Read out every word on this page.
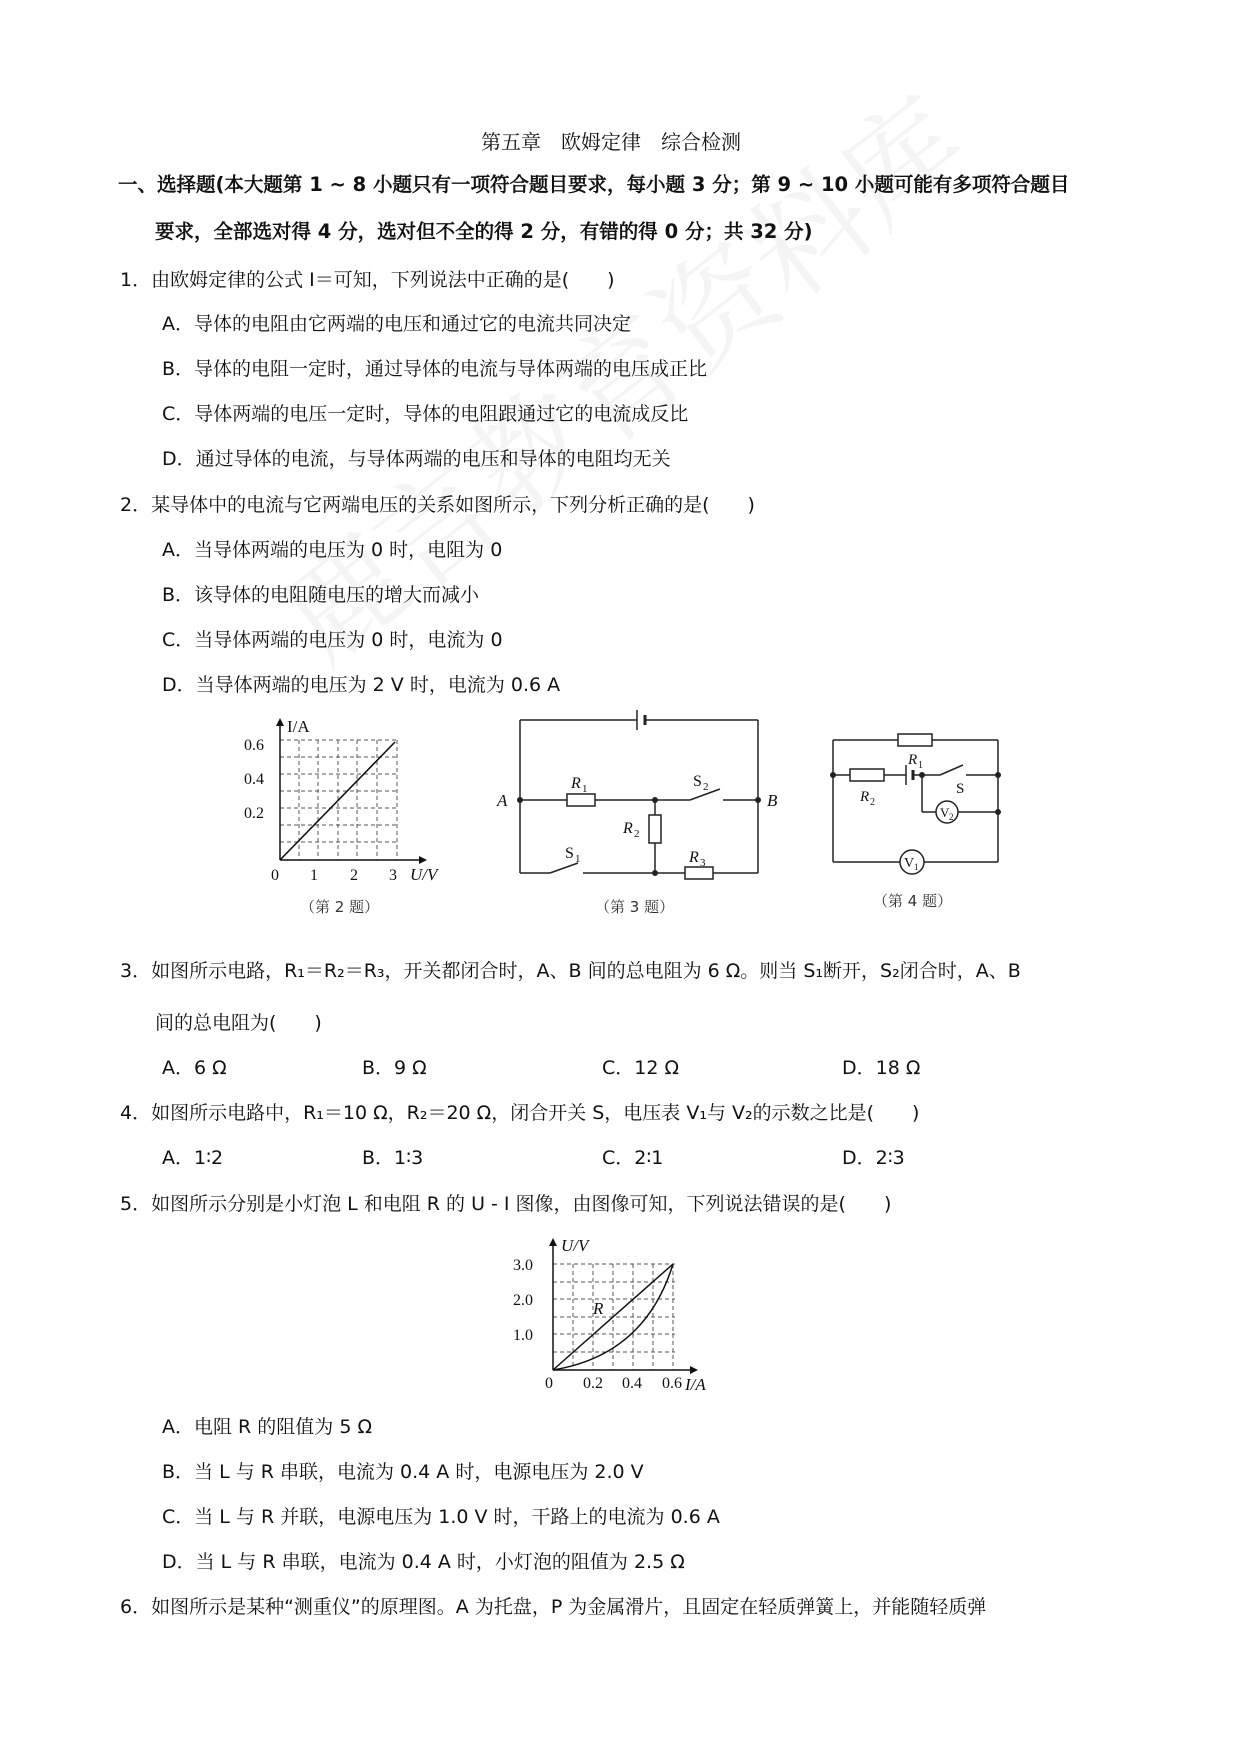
第五章　欧姆定律　综合检测
一、选择题(本大题第 1 ~ 8 小题只有一项符合题目要求，每小题 3 分；第 9 ~ 10 小题可能有多项符合题目
要求，全部选对得 4 分，选对但不全的得 2 分，有错的得 0 分；共 32 分)
1．由欧姆定律的公式 I＝可知，下列说法中正确的是(　　)
A．导体的电阻由它两端的电压和通过它的电流共同决定
B．导体的电阻一定时，通过导体的电流与导体两端的电压成正比
C．导体两端的电压一定时，导体的电阻跟通过它的电流成反比
D．通过导体的电流，与导体两端的电压和导体的电阻均无关
2．某导体中的电流与它两端电压的关系如图所示，下列分析正确的是(　　)
A．当导体两端的电压为 0 时，电阻为 0
B．该导体的电阻随电压的增大而减小
C．当导体两端的电压为 0 时，电流为 0
D．当导体两端的电压为 2 V 时，电流为 0.6 A
I/A
0.6
0.4
0.2
0 1 2 3 U/V
（第 2 题）
A	B
R 1
R 2
R 3
S 1
S 2
（第 3 题）
R 1
R 2
S
V 2
V 1
（第 4 题）
3．如图所示电路，R₁＝R₂＝R₃，开关都闭合时，A、B 间的总电阻为 6 Ω。则当 S₁断开，S₂闭合时，A、B
间的总电阻为(　　)
A．6 Ω	B．9 Ω	C．12 Ω	D．18 Ω
4．如图所示电路中，R₁＝10 Ω，R₂＝20 Ω，闭合开关 S，电压表 V₁与 V₂的示数之比是(　　)
A．1∶2	B．1∶3	C．2∶1	D．2∶3
5．如图所示分别是小灯泡 L 和电阻 R 的 U - I 图像，由图像可知，下列说法错误的是(　　)
U/V
3.0
2.0
1.0
0 0.2 0.4 0.6 I/A
R
A．电阻 R 的阻值为 5 Ω
B．当 L 与 R 串联，电流为 0.4 A 时，电源电压为 2.0 V
C．当 L 与 R 并联，电源电压为 1.0 V 时，干路上的电流为 0.6 A
D．当 L 与 R 串联，电流为 0.4 A 时，小灯泡的阻值为 2.5 Ω
6．如图所示是某种“测重仪”的原理图。A 为托盘，P 为金属滑片，且固定在轻质弹簧上，并能随轻质弹
